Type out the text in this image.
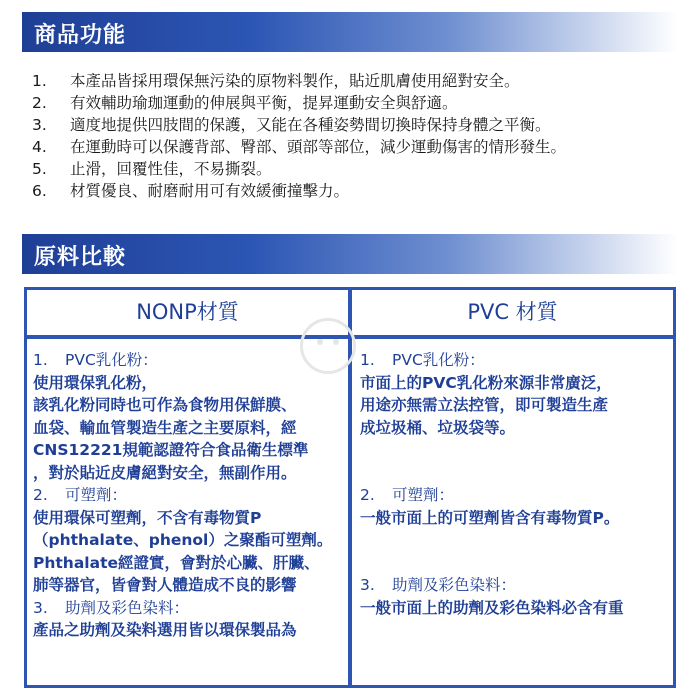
商品功能
1. 本產品皆採用環保無污染的原物料製作，貼近肌膚使用絕對安全。
2. 有效輔助瑜珈運動的伸展與平衡，提昇運動安全與舒適。
3. 適度地提供四肢間的保護，又能在各種姿勢間切換時保持身體之平衡。
4. 在運動時可以保護背部、臀部、頭部等部位，減少運動傷害的情形發生。
5. 止滑，回覆性佳，不易撕裂。
6. 材質優良、耐磨耐用可有效緩衝撞擊力。
原料比較
NONP材質	PVC 材質
1. PVC乳化粉：
使用環保乳化粉，
該乳化粉同時也可作為食物用保鮮膜、
血袋、輸血管製造生產之主要原料，經
CNS12221規範認證符合食品衛生標準
，對於貼近皮膚絕對安全，無副作用。
2. 可塑劑：
使用環保可塑劑，不含有毒物質P
（phthalate、phenol）之聚酯可塑劑。
Phthalate經證實，會對於心臟、肝臟、
肺等器官，皆會對人體造成不良的影響
3. 助劑及彩色染料：
產品之助劑及染料選用皆以環保製品為
1. PVC乳化粉：
市面上的PVC乳化粉來源非常廣泛，
用途亦無需立法控管，即可製造生產
成垃圾桶、垃圾袋等。
2. 可塑劑：
一般市面上的可塑劑皆含有毒物質P。
3. 助劑及彩色染料：
一般市面上的助劑及彩色染料必含有重
